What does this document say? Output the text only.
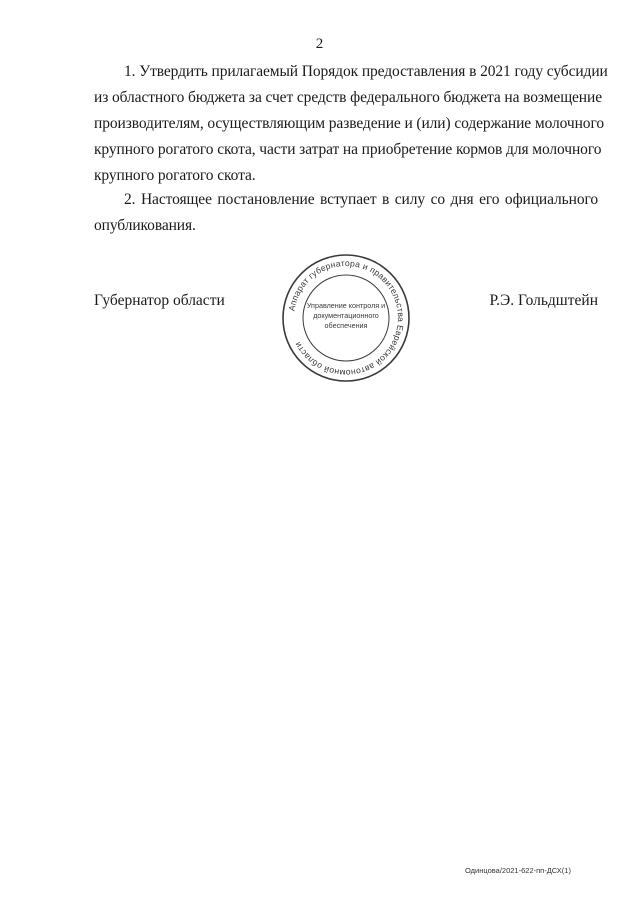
2
1. Утвердить прилагаемый Порядок предоставления в 2021 году субсидии
из областного бюджета за счет средств федерального бюджета на возмещение
производителям, осуществляющим разведение и (или) содержание молочного
крупного рогатого скота, части затрат на приобретение кормов для молочного
крупного рогатого скота.
2. Настоящее постановление вступает в силу со дня его официального
опубликования.
Губернатор области	Аппарат губернатора и правительства Еврейской автономной области
Управление контроля и
документационного
обеспечения
Р.Э. Гольдштейн
Одинцова/2021-622-пп-ДСХ(1)
